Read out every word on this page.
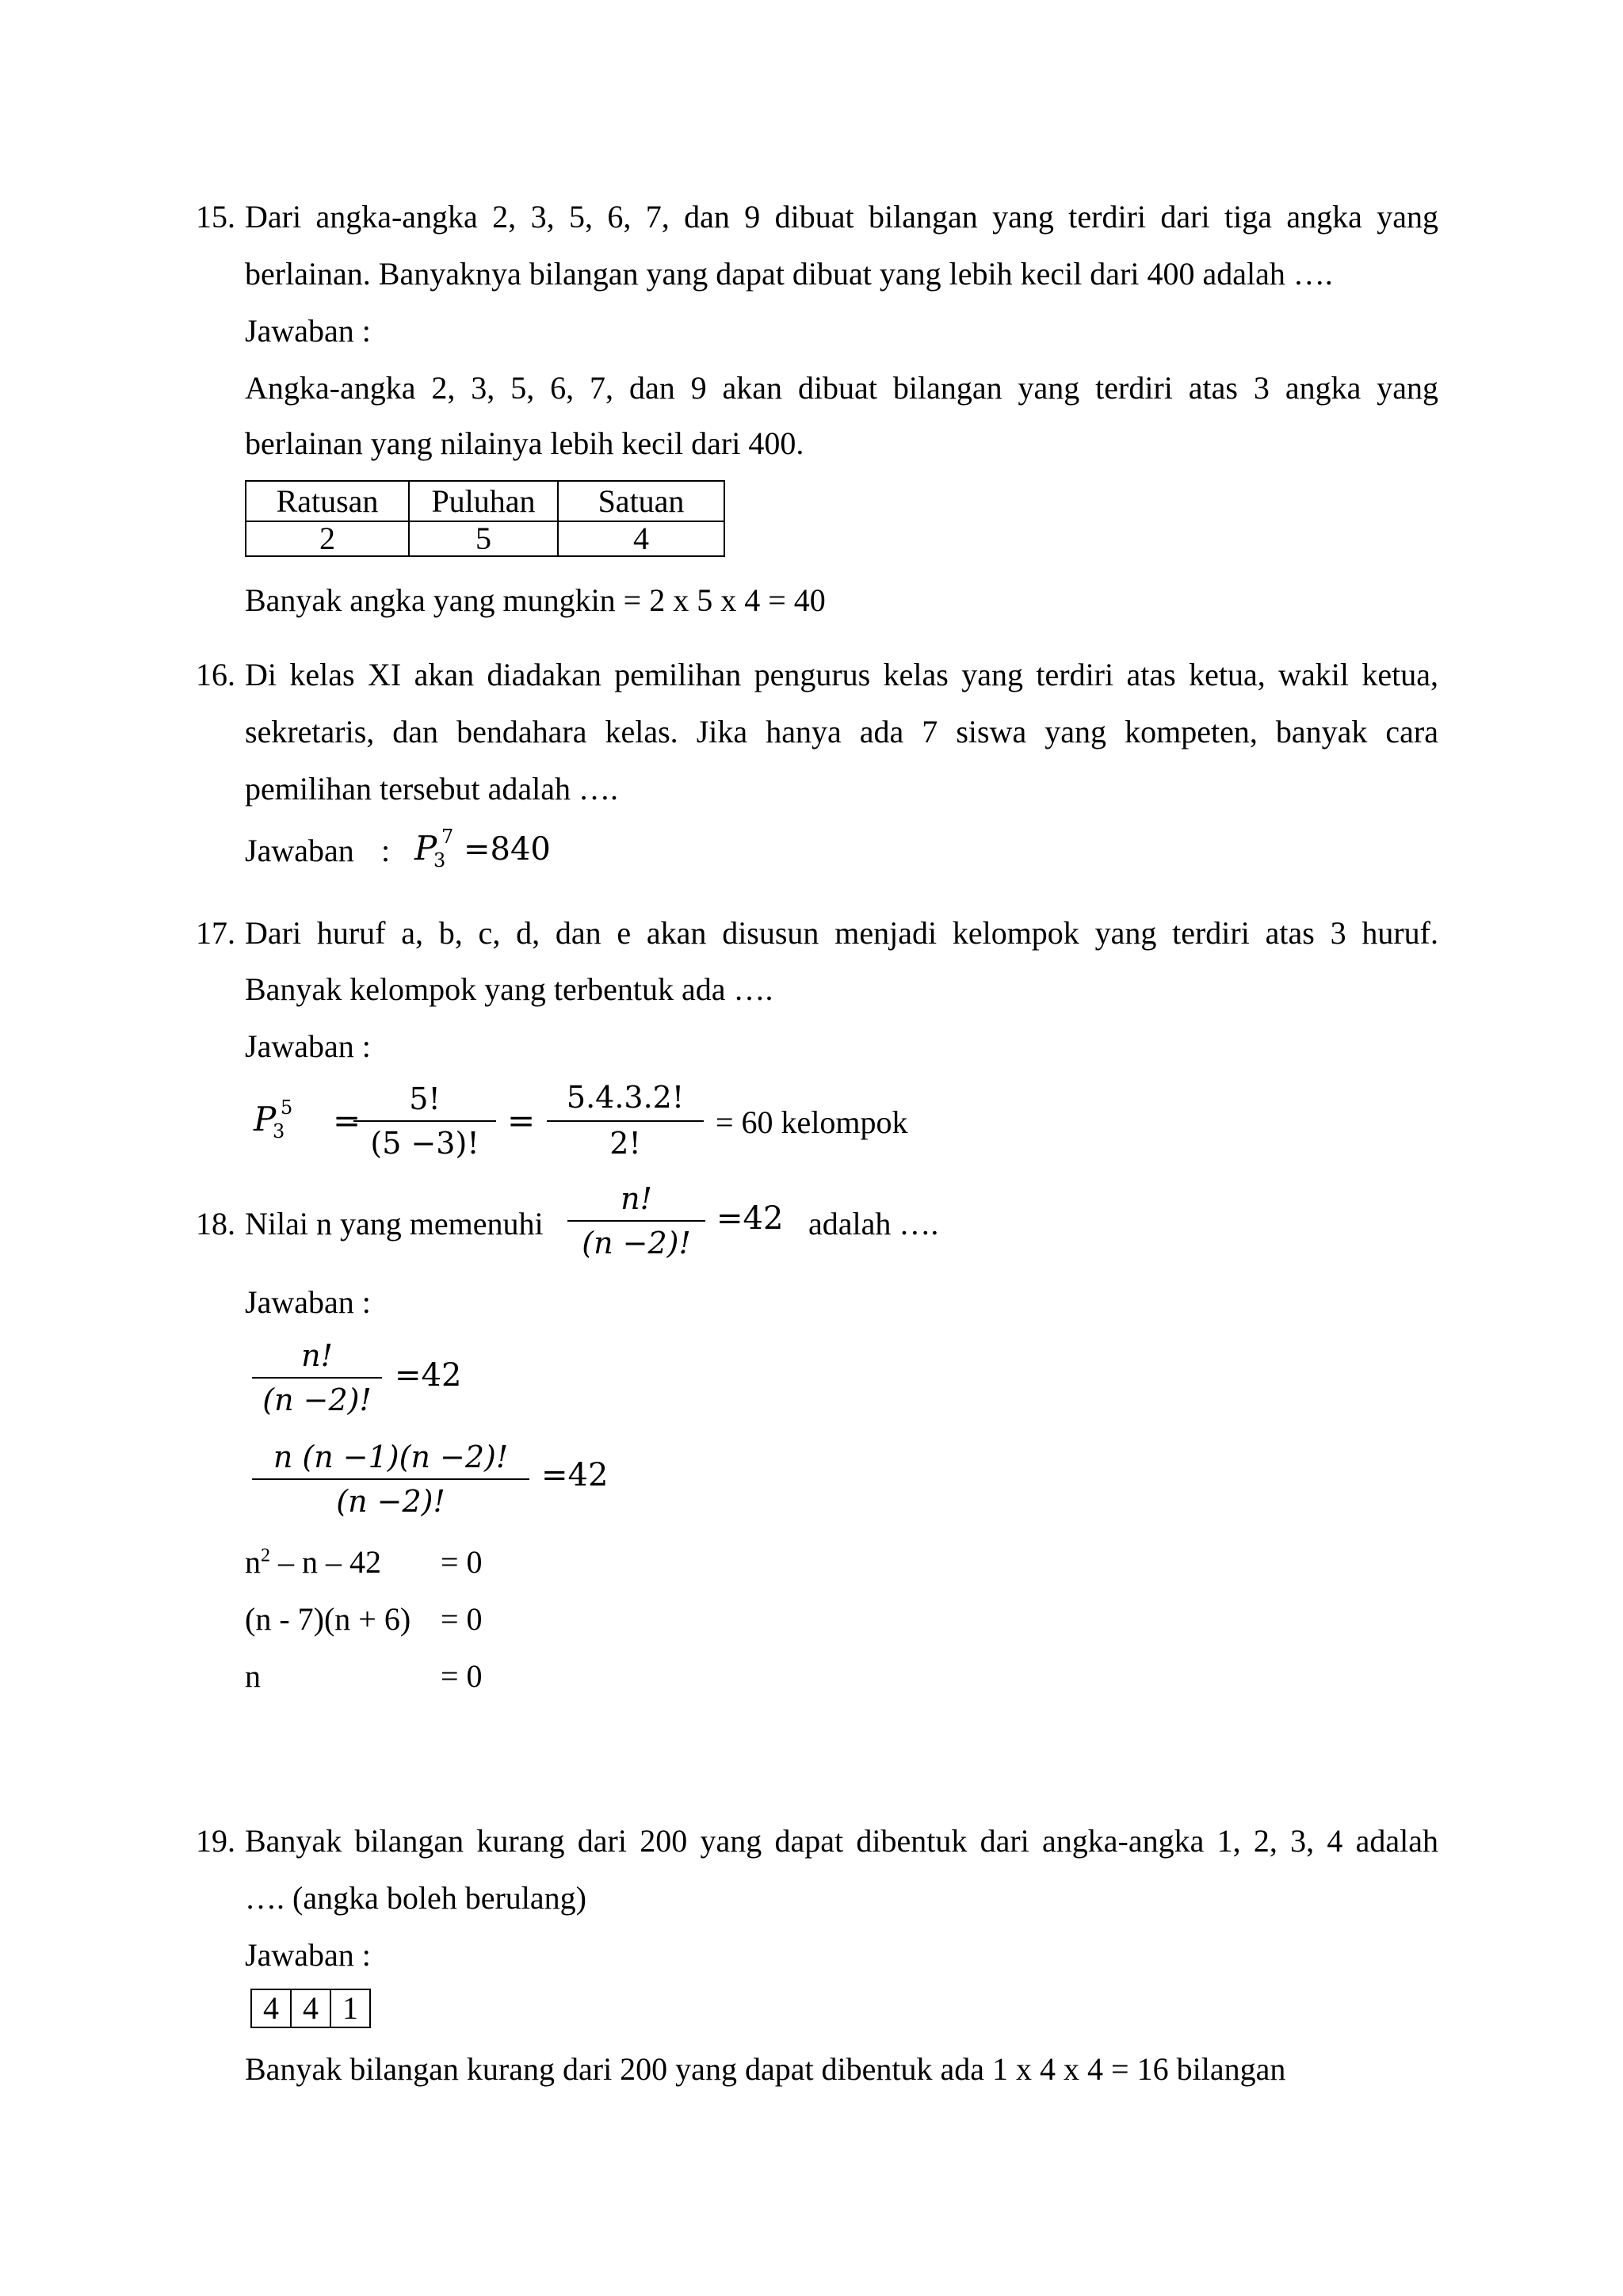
15. Dari angka-angka 2, 3, 5, 6, 7, dan 9 dibuat bilangan yang terdiri dari tiga angka yang
berlainan. Banyaknya bilangan yang dapat dibuat yang lebih kecil dari 400 adalah ….
Jawaban :
Angka-angka 2, 3, 5, 6, 7, dan 9 akan dibuat bilangan yang terdiri atas 3 angka yang
berlainan yang nilainya lebih kecil dari 400.
Ratusan	Puluhan	Satuan
2	5	4
Banyak angka yang mungkin = 2 x 5 x 4 = 40
16. Di kelas XI akan diadakan pemilihan pengurus kelas yang terdiri atas ketua, wakil ketua,
sekretaris, dan bendahara kelas. Jika hanya ada 7 siswa yang kompeten, banyak cara
pemilihan tersebut adalah ….
Jawaban : P 7
3 =840
17. Dari huruf a, b, c, d, dan e akan disusun menjadi kelompok yang terdiri atas 3 huruf.
Banyak kelompok yang terbentuk ada ….
Jawaban :
P 5
3 =
5!
(5 −3)!
=
5.4.3.2!
2!
= 60 kelompok
18. Nilai n yang memenuhi
n!
(n −2)!
=42 adalah ….
Jawaban :
n!
(n −2)!
=42
n (n −1)(n −2)!
(n −2)!
=42
$n^2 - n - 42 = 0$
(n - 7)(n + 6) = 0
n	= 0
19. Banyak bilangan kurang dari 200 yang dapat dibentuk dari angka-angka 1, 2, 3, 4 adalah
…. (angka boleh berulang)
Jawaban :
4	4	1
Banyak bilangan kurang dari 200 yang dapat dibentuk ada 1 x 4 x 4 = 16 bilangan
